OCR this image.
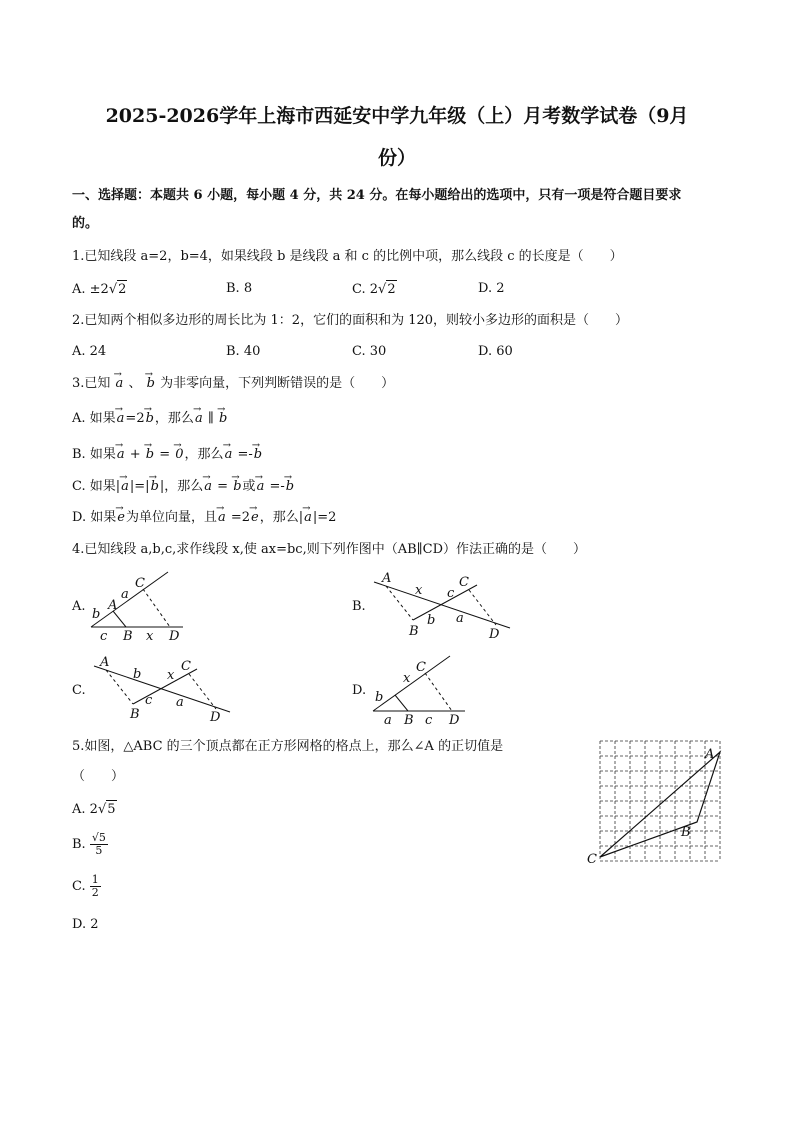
2025-2026学年上海市西延安中学九年级（上）月考数学试卷（9月
份）
一、选择题：本题共 6 小题，每小题 4 分，共 24 分。在每小题给出的选项中，只有一项是符合题目要求
的。
1.已知线段 a=2，b=4，如果线段 b 是线段 a 和 c 的比例中项，那么线段 c 的长度是（　　）
A. ±2√2	B. 8	C. 2√2	D. 2
2.已知两个相似多边形的周长比为 1：2，它们的面积和为 120，则较小多边形的面积是（　　）
A. 24	B. 40	C. 30	D. 60
3.已知 → a 、 → b 为非零向量，下列判断错误的是（　　）
A. 如果→ a=2→ b，那么→ a ∥ → b
B. 如果→ a + → b = → 0，那么→ a =-→ b
C. 如果|→ a|=|→ b|，那么→ a = → b或→ a =-→ b
D. 如果→ e为单位向量，且→ a =2→ e，那么|→ a|=2
4.已知线段 a,b,c,求作线段 x,使 ax=bc,则下列作图中（AB∥CD）作法正确的是（　　）
A. A
C
b
a
c B x D
B.
A	C
x c
b a
B	D
C.
A	C
b x
c a
B	D
D. b
x
C
a B c D
5.如图，△ABC 的三个顶点都在正方形网格的格点上，那么∠A 的正切值是
（　　）
A. 2√5
B. $\frac{√5}{5}$
C. $\frac{1}{2}$
D. 2
C
A
B
